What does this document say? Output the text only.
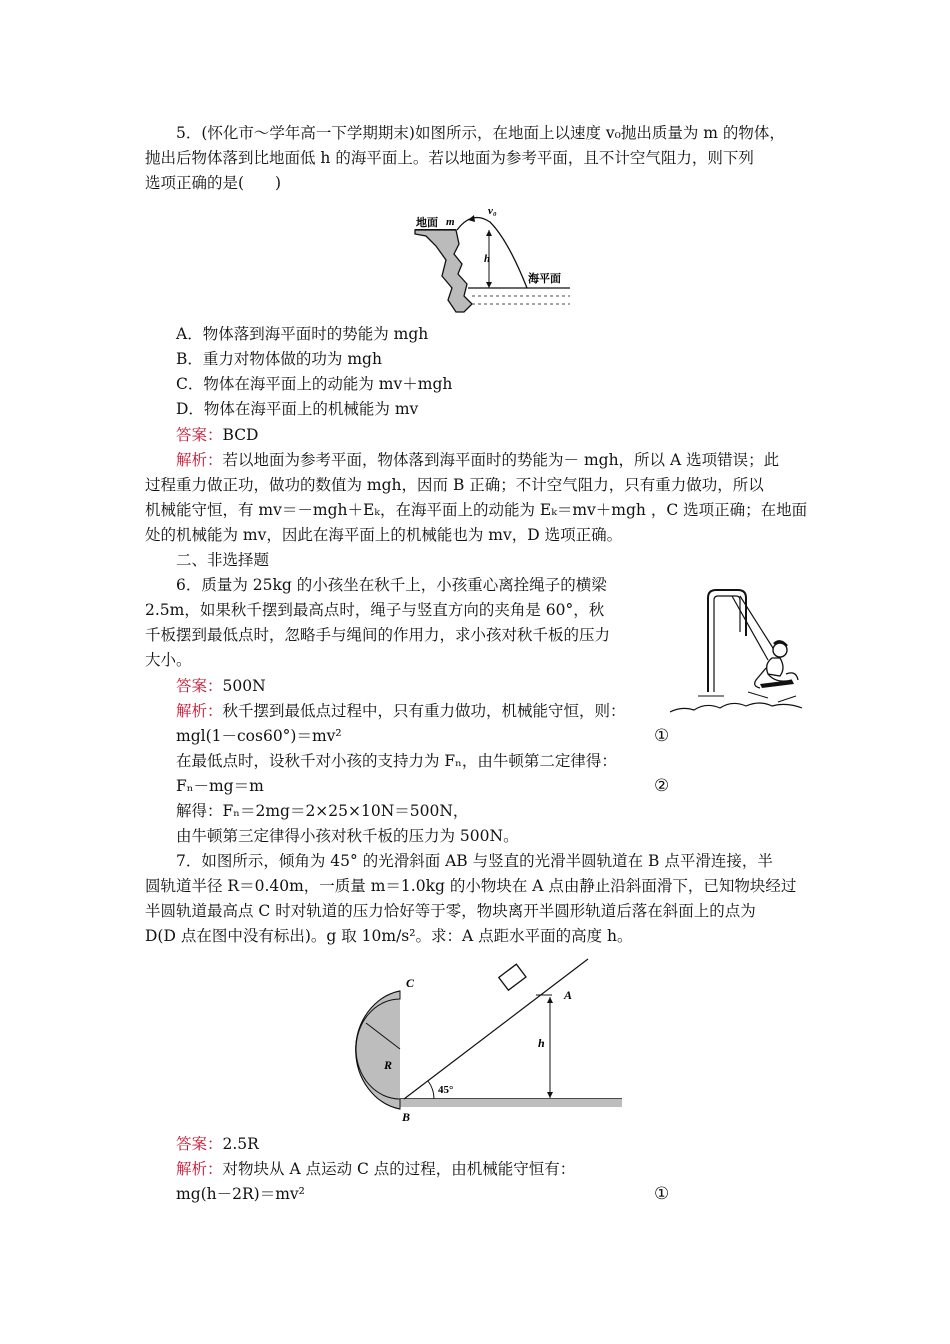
5．(怀化市～学年高一下学期期末)如图所示，在地面上以速度 v₀抛出质量为 m 的物体，

抛出后物体落到比地面低 h 的海平面上。若以地面为参考平面，且不计空气阻力，则下列

选项正确的是(　　)

地面 m
v₀
h
海平面

A．物体落到海平面时的势能为 mgh

B．重力对物体做的功为 mgh

C．物体在海平面上的动能为 mv＋mgh

D．物体在海平面上的机械能为 mv

答案：BCD

解析：若以地面为参考平面，物体落到海平面时的势能为－ mgh，所以 A 选项错误；此

过程重力做正功，做功的数值为 mgh，因而 B 正确；不计空气阻力，只有重力做功，所以

机械能守恒，有 mv＝－mgh＋Eₖ，在海平面上的动能为 Eₖ＝mv＋mgh ，C 选项正确；在地面

处的机械能为 mv，因此在海平面上的机械能也为 mv，D 选项正确。

二、非选择题

6．质量为 25kg 的小孩坐在秋千上，小孩重心离拴绳子的横梁

2.5m，如果秋千摆到最高点时，绳子与竖直方向的夹角是 60°，秋

千板摆到最低点时，忽略手与绳间的作用力，求小孩对秋千板的压力

大小。

答案：500N

解析：秋千摆到最低点过程中，只有重力做功，机械能守恒，则：

mgl(1－cos60°)＝mv²	①

在最低点时，设秋千对小孩的支持力为 Fₙ，由牛顿第二定律得：

Fₙ－mg＝m	②

解得：Fₙ＝2mg＝2×25×10N＝500N，

由牛顿第三定律得小孩对秋千板的压力为 500N。

7．如图所示，倾角为 45° 的光滑斜面 AB 与竖直的光滑半圆轨道在 B 点平滑连接，半

圆轨道半径 R＝0.40m，一质量 m＝1.0kg 的小物块在 A 点由静止沿斜面滑下，已知物块经过

半圆轨道最高点 C 时对轨道的压力恰好等于零，物块离开半圆形轨道后落在斜面上的点为

D(D 点在图中没有标出)。g 取 10m/s²。求：A 点距水平面的高度 h。

R
C
B
45°
A
h

答案：2.5R

解析：对物块从 A 点运动 C 点的过程，由机械能守恒有：

mg(h－2R)＝mv²	①
